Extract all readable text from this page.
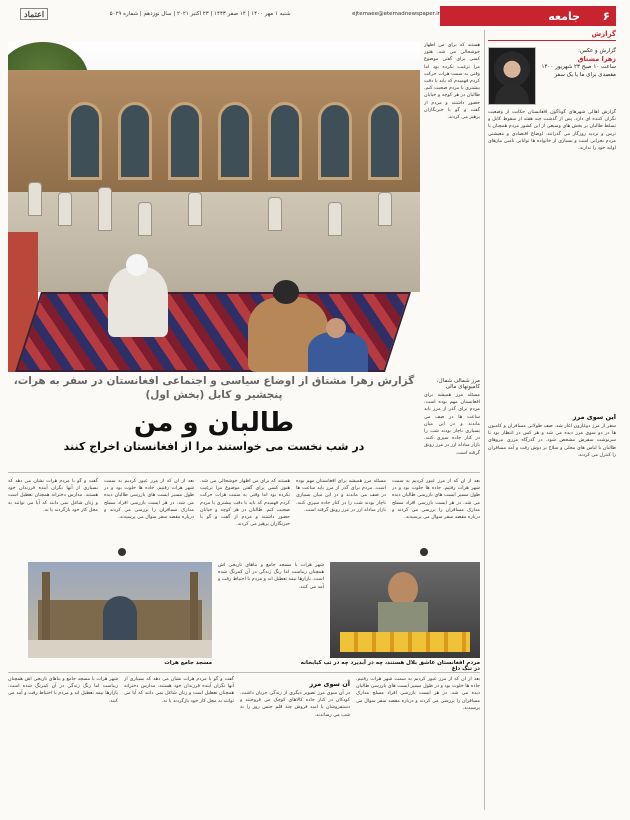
اعتماد	شنبه ۱ مهر ۱۴۰۰ | ۱۴ صفر ۱۴۴۳ | ۲۳ اکتبر ۲۰۲۱ | سال نوزدهم | شماره ۵۰۲۹	ejtemaee@etemadnewspaper.ir	۶
جامعه
گزارش
گزارش و عکس:
زهرا مشتاق
ساعت ۱۰ صبح ۲۳ شهریور ۱۴۰۰ مقصدی برای ما یا یک سفر
گزارش اهالی شهرهای گوناگون افغانستان حکایت از وضعیت نگران کننده ای دارد. پس از گذشت چند هفته از سقوط کابل و تسلط طالبان بر بخش های وسیعی از این کشور مردم همچنان با ترس و تردید روزگار می گذرانند. اوضاع اقتصادی و معیشتی مردم بحرانی است و بسیاری از خانواده ها توانایی تامین نیازهای اولیه خود را ندارند.
این سوی مرز
سفر از مرز دوغارون آغاز شد. صف طولانی مسافران و کامیون ها در دو سوی مرز دیده می شد و هر کس در انتظار بود تا سرنوشت سفرش مشخص شود. در گذرگاه مرزی نیروهای طالبان با لباس های محلی و سلاح بر دوش رفت و آمد مسافران را کنترل می کردند.
هستند که برای من اظهار خوشحالی می شد. هنوز کسی برای گفتن موضوع مرا ترغیب نکرده بود اما وقتی به سمت هرات حرکت کردم فهمیدم که باید با دقت بیشتری با مردم صحبت کنم. طالبان در هر کوچه و خیابان حضور داشتند و مردم از گفت و گو با خبرنگاران پرهیز می کردند.
گزارش زهرا مشتاق از اوضاع سیاسی و اجتماعی افغانستان در سفر به هرات، پنجشیر و کابل (بخش اول)
طالبان و من
در شب نخست می خواستند مرا از افغانستان اخراج کنند
مرز شمالی شمال، کامیونهای مالی
مسئله مرز همیشه برای افغانستان مهم بوده است. مردم برای گذر از مرز باید ساعت ها در صف می ماندند و در این میان بسیاری ناچار بودند شب را در کنار جاده سپری کنند. بازار مبادله ارز در مرز رونق گرفته است.
گفت و گو با مردم هرات نشان می دهد که بسیاری از آنها نگران آینده فرزندان خود هستند. مدارس دخترانه همچنان تعطیل است و زنان شاغل نمی دانند که آیا می توانند به محل کار خود بازگردند یا نه.
بعد از آن که از مرز عبور کردیم به سمت شهر هرات رفتیم. جاده ها خلوت بود و در طول مسیر ایست های بازرسی طالبان دیده می شد. در هر ایست بازرسی افراد مسلح مدارک مسافران را بررسی می کردند و درباره مقصد سفر سوال می پرسیدند.
هستند که برای من اظهار خوشحالی می شد. هنوز کسی برای گفتن موضوع مرا ترغیب نکرده بود اما وقتی به سمت هرات حرکت کردم فهمیدم که باید با دقت بیشتری با مردم صحبت کنم. طالبان در هر کوچه و خیابان حضور داشتند و مردم از گفت و گو با خبرنگاران پرهیز می کردند.
مسئله مرز همیشه برای افغانستان مهم بوده است. مردم برای گذر از مرز باید ساعت ها در صف می ماندند و در این میان بسیاری ناچار بودند شب را در کنار جاده سپری کنند. بازار مبادله ارز در مرز رونق گرفته است.
بعد از آن که از مرز عبور کردیم به سمت شهر هرات رفتیم. جاده ها خلوت بود و در طول مسیر ایست های بازرسی طالبان دیده می شد. در هر ایست بازرسی افراد مسلح مدارک مسافران را بررسی می کردند و درباره مقصد سفر سوال می پرسیدند.
مسجد جامع هرات	مردم افغانستان عاشق بلال هستند، چه در آبدیرد چه در تب کبابخانه در تنگ داغ
شهر هرات با مسجد جامع و بناهای تاریخی اش همچنان زیباست اما رنگ زندگی در آن کمرنگ شده است. بازارها نیمه تعطیل اند و مردم با احتیاط رفت و آمد می کنند.
شهر هرات با مسجد جامع و بناهای تاریخی اش همچنان زیباست اما رنگ زندگی در آن کمرنگ شده است. بازارها نیمه تعطیل اند و مردم با احتیاط رفت و آمد می کنند.
گفت و گو با مردم هرات نشان می دهد که بسیاری از آنها نگران آینده فرزندان خود هستند. مدارس دخترانه همچنان تعطیل است و زنان شاغل نمی دانند که آیا می توانند به محل کار خود بازگردند یا نه.
آن سوی مرز
در آن سوی مرز تصویر دیگری از زندگی جریان داشت. کودکان در کنار جاده کالاهای کوچک می فروختند و دستفروشان با امید فروش چند قلم جنس روز را به شب می رساندند.
بعد از آن که از مرز عبور کردیم به سمت شهر هرات رفتیم. جاده ها خلوت بود و در طول مسیر ایست های بازرسی طالبان دیده می شد. در هر ایست بازرسی افراد مسلح مدارک مسافران را بررسی می کردند و درباره مقصد سفر سوال می پرسیدند.
